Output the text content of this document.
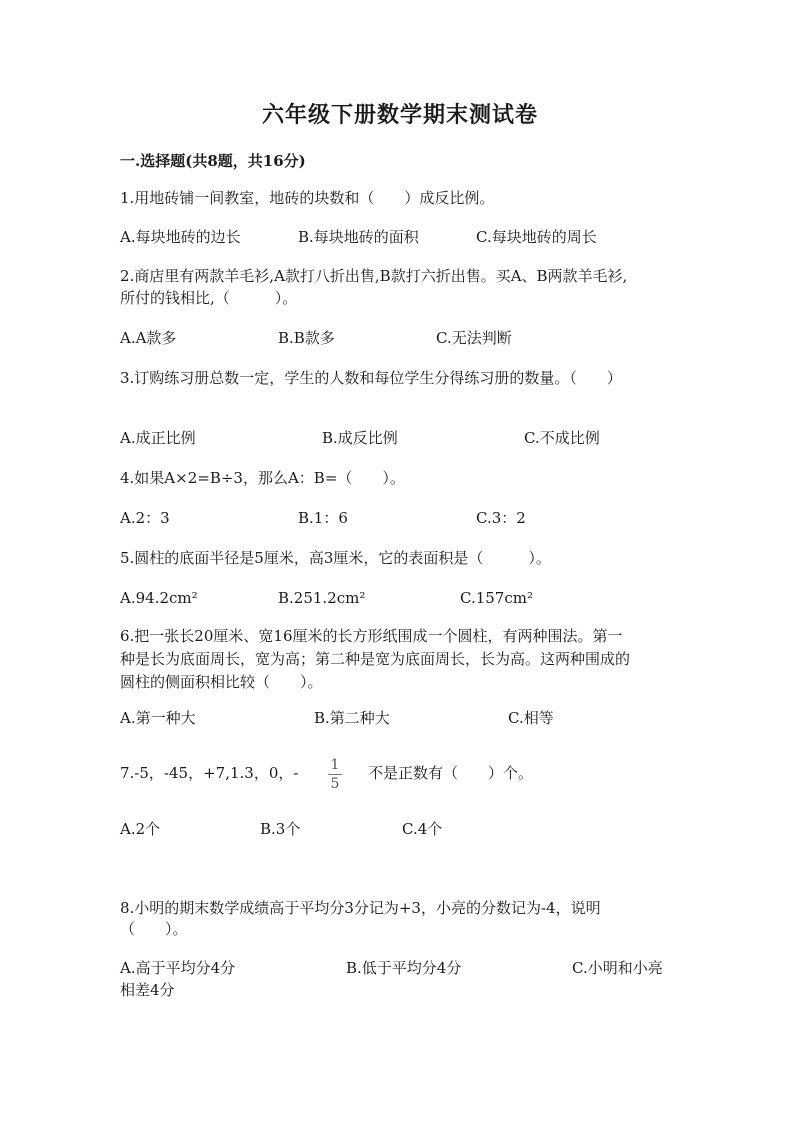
六年级下册数学期末测试卷
一.选择题(共8题，共16分)
1.用地砖铺一间教室，地砖的块数和（　　）成反比例。
A.每块地砖的边长	B.每块地砖的面积	C.每块地砖的周长
2.商店里有两款羊毛衫,A款打八折出售,B款打六折出售。买A、B两款羊毛衫,
所付的钱相比,（　　　）。
A.A款多	B.B款多	C.无法判断
3.订购练习册总数一定，学生的人数和每位学生分得练习册的数量。（　　）
A.成正比例	B.成反比例	C.不成比例
4.如果A×2=B÷3，那么A：B=（　　）。
A.2：3	B.1：6	C.3：2
5.圆柱的底面半径是5厘米，高3厘米，它的表面积是（　　　）。
A.94.2cm²	B.251.2cm²	C.157cm²
6.把一张长20厘米、宽16厘米的长方形纸围成一个圆柱，有两种围法。第一
种是长为底面周长，宽为高；第二种是宽为底面周长，长为高。这两种围成的
圆柱的侧面积相比较（　　）。
A.第一种大	B.第二种大	C.相等
7.-5，-45，+7,1.3，0，- 1
5
不是正数有（　　）个。
A.2个	B.3个	C.4个
8.小明的期末数学成绩高于平均分3分记为+3，小亮的分数记为-4，说明
（　　）。
A.高于平均分4分	B.低于平均分4分	C.小明和小亮
相差4分
